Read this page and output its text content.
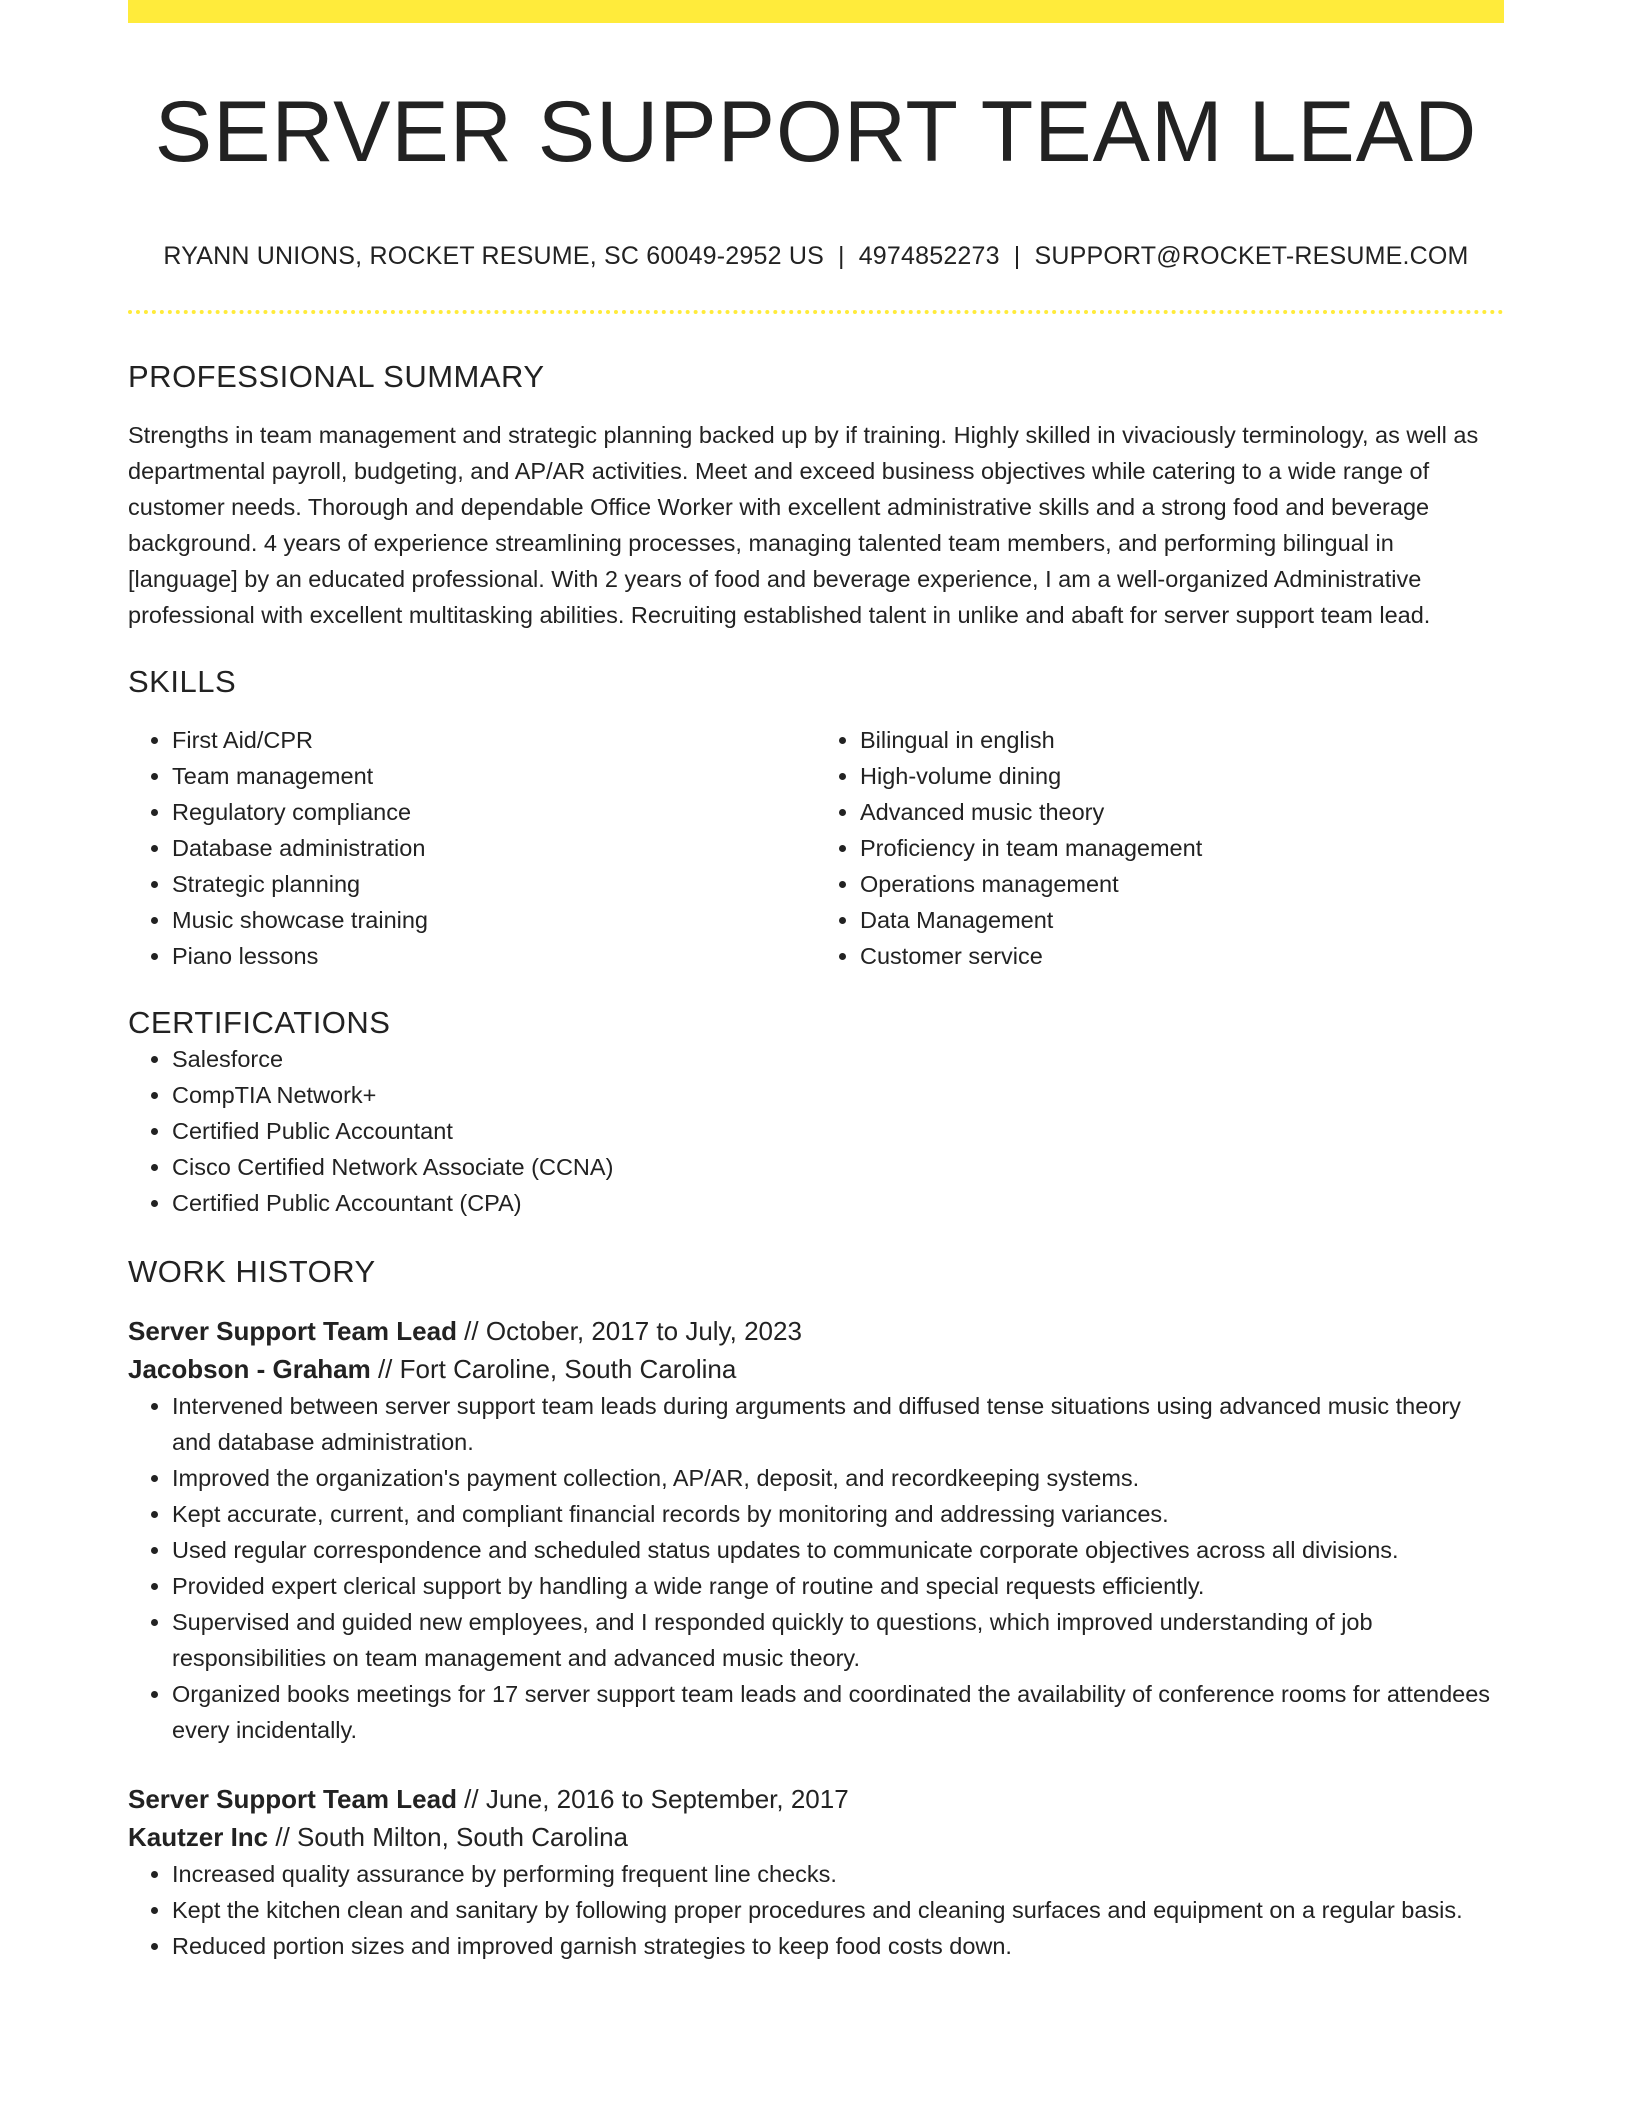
SERVER SUPPORT TEAM LEAD
RYANN UNIONS, ROCKET RESUME, SC 60049-2952 US | 4974852273 | SUPPORT@ROCKET-RESUME.COM
PROFESSIONAL SUMMARY
Strengths in team management and strategic planning backed up by if training. Highly skilled in vivaciously terminology, as well as departmental payroll, budgeting, and AP/AR activities. Meet and exceed business objectives while catering to a wide range of customer needs. Thorough and dependable Office Worker with excellent administrative skills and a strong food and beverage background. 4 years of experience streamlining processes, managing talented team members, and performing bilingual in [language] by an educated professional. With 2 years of food and beverage experience, I am a well-organized Administrative professional with excellent multitasking abilities. Recruiting established talent in unlike and abaft for server support team lead.
SKILLS
• First Aid/CPR
• Team management
• Regulatory compliance
• Database administration
• Strategic planning
• Music showcase training
• Piano lessons
• Bilingual in english
• High-volume dining
• Advanced music theory
• Proficiency in team management
• Operations management
• Data Management
• Customer service
CERTIFICATIONS
• Salesforce
• CompTIA Network+
• Certified Public Accountant
• Cisco Certified Network Associate (CCNA)
• Certified Public Accountant (CPA)
WORK HISTORY
Server Support Team Lead // October, 2017 to July, 2023
Jacobson - Graham // Fort Caroline, South Carolina
• Intervened between server support team leads during arguments and diffused tense situations using advanced music theory and database administration.
• Improved the organization's payment collection, AP/AR, deposit, and recordkeeping systems.
• Kept accurate, current, and compliant financial records by monitoring and addressing variances.
• Used regular correspondence and scheduled status updates to communicate corporate objectives across all divisions.
• Provided expert clerical support by handling a wide range of routine and special requests efficiently.
• Supervised and guided new employees, and I responded quickly to questions, which improved understanding of job responsibilities on team management and advanced music theory.
• Organized books meetings for 17 server support team leads and coordinated the availability of conference rooms for attendees every incidentally.
Server Support Team Lead // June, 2016 to September, 2017
Kautzer Inc // South Milton, South Carolina
• Increased quality assurance by performing frequent line checks.
• Kept the kitchen clean and sanitary by following proper procedures and cleaning surfaces and equipment on a regular basis.
• Reduced portion sizes and improved garnish strategies to keep food costs down.
